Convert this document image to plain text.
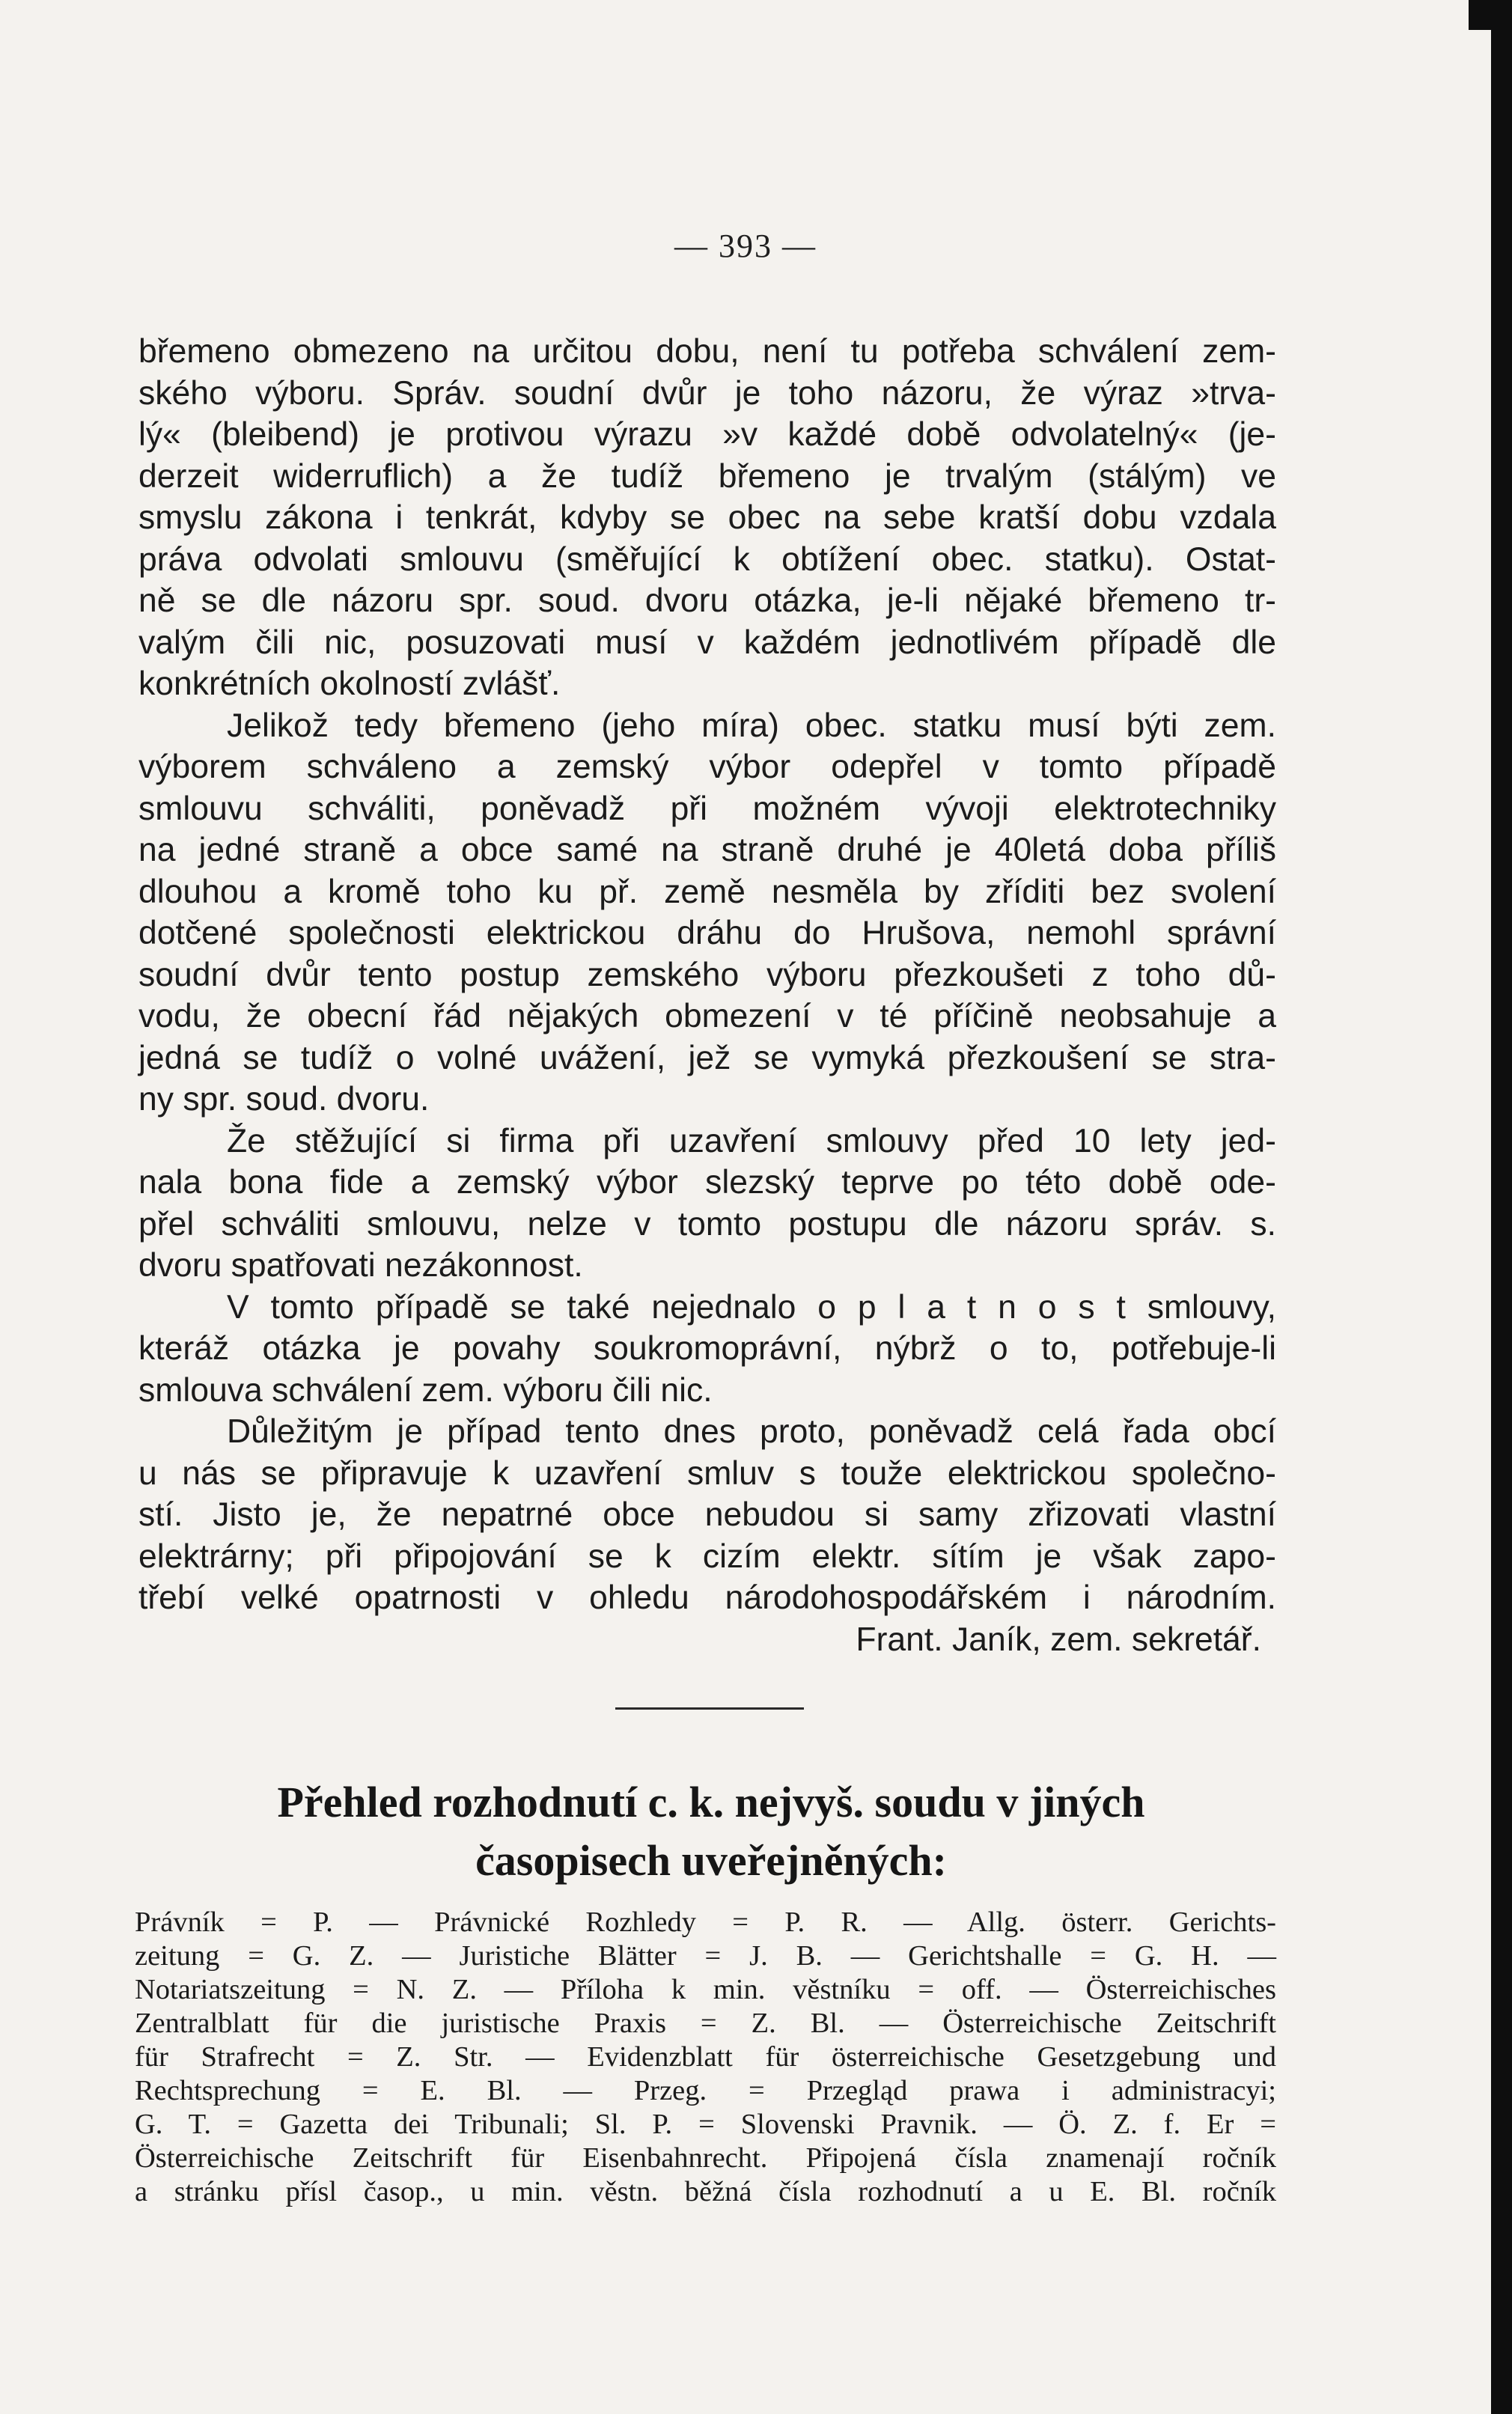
— 393 —

břemeno obmezeno na určitou dobu, není tu potřeba schválení zem-
ského výboru. Správ. soudní dvůr je toho názoru, že výraz »trva-
lý« (bleibend) je protivou výrazu »v každé době odvolatelný« (je-
derzeit widerruflich) a že tudíž břemeno je trvalým (stálým) ve
smyslu zákona i tenkrát, kdyby se obec na sebe kratší dobu vzdala
práva odvolati smlouvu (směřující k obtížení obec. statku). Ostat-
ně se dle názoru spr. soud. dvoru otázka, je-li nějaké břemeno tr-
valým čili nic, posuzovati musí v každém jednotlivém případě dle
konkrétních okolností zvlášť.

Jelikož tedy břemeno (jeho míra) obec. statku musí býti zem.
výborem schváleno a zemský výbor odepřel v tomto případě
smlouvu schváliti, poněvadž při možném vývoji elektrotechniky
na jedné straně a obce samé na straně druhé je 40letá doba příliš
dlouhou a kromě toho ku př. země nesměla by zříditi bez svolení
dotčené společnosti elektrickou dráhu do Hrušova, nemohl správní
soudní dvůr tento postup zemského výboru přezkoušeti z toho dů-
vodu, že obecní řád nějakých obmezení v té příčině neobsahuje a
jedná se tudíž o volné uvážení, jež se vymyká přezkoušení se stra-
ny spr. soud. dvoru.

Že stěžující si firma při uzavření smlouvy před 10 lety jed-
nala bona fide a zemský výbor slezský teprve po této době ode-
přel schváliti smlouvu, nelze v tomto postupu dle názoru správ. s.
dvoru spatřovati nezákonnost.

V tomto případě se také nejednalo o p l a t n o s t smlouvy,
kteráž otázka je povahy soukromoprávní, nýbrž o to, potřebuje-li
smlouva schválení zem. výboru čili nic.

Důležitým je případ tento dnes proto, poněvadž celá řada obcí
u nás se připravuje k uzavření smluv s touže elektrickou společno-
stí. Jisto je, že nepatrné obce nebudou si samy zřizovati vlastní
elektrárny; při připojování se k cizím elektr. sítím je však zapo-
třebí velké opatrnosti v ohledu národohospodářském i národním.

Frant. Janík, zem. sekretář.
Přehled rozhodnutí c. k. nejvyš. soudu v jiných
časopisech uveřejněných:
Právník = P. — Právnické Rozhledy = P. R. — Allg. österr. Gerichts-
zeitung = G. Z. — Juristiche Blätter = J. B. — Gerichtshalle = G. H. —
Notariatszeitung = N. Z. — Příloha k min. věstníku = off. — Österreichisches
Zentralblatt für die juristische Praxis = Z. Bl. — Österreichische Zeitschrift
für Strafrecht = Z. Str. — Evidenzblatt für österreichische Gesetzgebung und
Rechtsprechung = E. Bl. — Przeg. = Przegląd prawa i administracyi;
G. T. = Gazetta dei Tribunali; Sl. P. = Slovenski Pravnik. — Ö. Z. f. Er =
Österreichische Zeitschrift für Eisenbahnrecht. Připojená čísla znamenají ročník
a stránku přísl časop., u min. věstn. běžná čísla rozhodnutí a u E. Bl. ročník
